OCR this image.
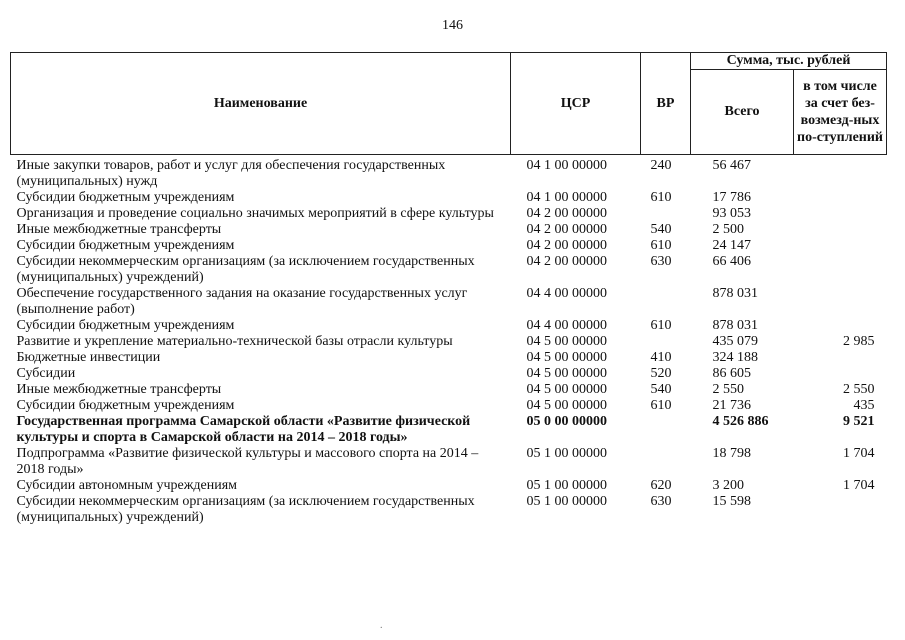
146
Наименование	ЦСР	ВР	Сумма, тыс. рублей	
			Всего	в том числе за счет без-возмезд-ных по-ступлений
Иные закупки товаров, работ и услуг для обеспечения государственных (муниципальных) нужд	04 1 00 00000	240	56 467	
Субсидии бюджетным учреждениям	04 1 00 00000	610	17 786	
Организация и проведение социально значимых мероприятий в сфере культуры	04 2 00 00000		93 053	
Иные межбюджетные трансферты	04 2 00 00000	540	2 500	
Субсидии бюджетным учреждениям	04 2 00 00000	610	24 147	
Субсидии некоммерческим организациям (за исключением государственных (муниципальных) учреждений)	04 2 00 00000	630	66 406	
Обеспечение государственного задания на оказание государственных услуг (выполнение работ)	04 4 00 00000		878 031	
Субсидии бюджетным учреждениям	04 4 00 00000	610	878 031	
Развитие и укрепление материально-технической базы отрасли культуры	04 5 00 00000		435 079	2 985
Бюджетные инвестиции	04 5 00 00000	410	324 188	
Субсидии	04 5 00 00000	520	86 605	
Иные межбюджетные трансферты	04 5 00 00000	540	2 550	2 550
Субсидии бюджетным учреждениям	04 5 00 00000	610	21 736	435
Государственная программа Самарской области «Развитие физической культуры и спорта в Самарской области на 2014 – 2018 годы»	05 0 00 00000		4 526 886	9 521
Подпрограмма «Развитие физической культуры и массового спорта на 2014 – 2018 годы»	05 1 00 00000		18 798	1 704
Субсидии автономным учреждениям	05 1 00 00000	620	3 200	1 704
Субсидии некоммерческим организациям (за исключением государственных (муниципальных) учреждений)	05 1 00 00000	630	15 598	
.
